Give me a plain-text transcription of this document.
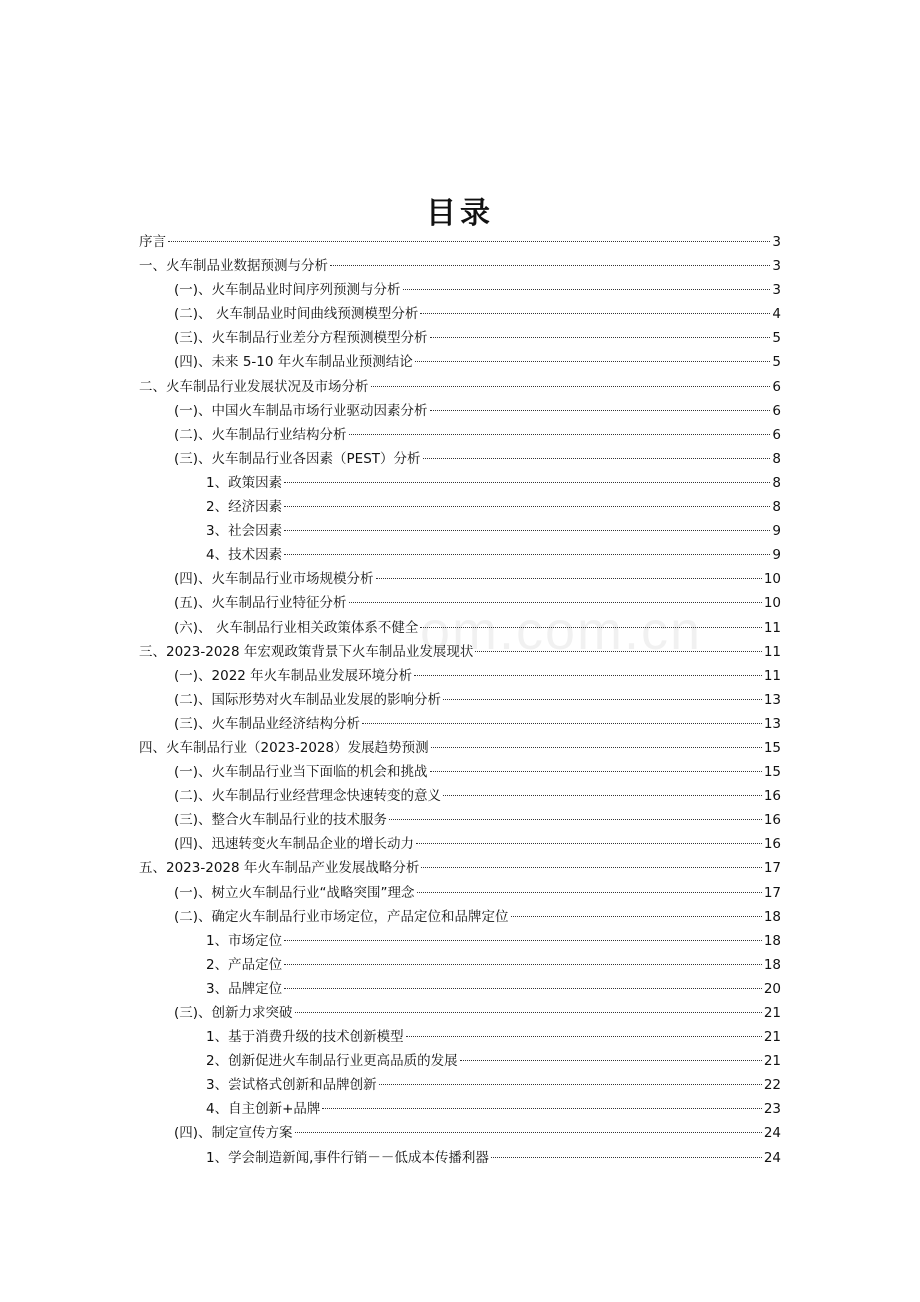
om.com.cn
目录
序言	3
一、火车制品业数据预测与分析	3
(一)、火车制品业时间序列预测与分析	3
(二)、 火车制品业时间曲线预测模型分析	4
(三)、火车制品行业差分方程预测模型分析	5
(四)、未来 5-10 年火车制品业预测结论	5
二、火车制品行业发展状况及市场分析	6
(一)、中国火车制品市场行业驱动因素分析	6
(二)、火车制品行业结构分析	6
(三)、火车制品行业各因素（PEST）分析	8
1、政策因素	8
2、经济因素	8
3、社会因素	9
4、技术因素	9
(四)、火车制品行业市场规模分析	10
(五)、火车制品行业特征分析	10
(六)、 火车制品行业相关政策体系不健全	11
三、2023-2028 年宏观政策背景下火车制品业发展现状	11
(一)、2022 年火车制品业发展环境分析	11
(二)、国际形势对火车制品业发展的影响分析	13
(三)、火车制品业经济结构分析	13
四、火车制品行业（2023-2028）发展趋势预测	15
(一)、火车制品行业当下面临的机会和挑战	15
(二)、火车制品行业经营理念快速转变的意义	16
(三)、整合火车制品行业的技术服务	16
(四)、迅速转变火车制品企业的增长动力	16
五、2023-2028 年火车制品产业发展战略分析	17
(一)、树立火车制品行业“战略突围”理念	17
(二)、确定火车制品行业市场定位，产品定位和品牌定位	18
1、市场定位	18
2、产品定位	18
3、品牌定位	20
(三)、创新力求突破	21
1、基于消费升级的技术创新模型	21
2、创新促进火车制品行业更高品质的发展	21
3、尝试格式创新和品牌创新	22
4、自主创新+品牌	23
(四)、制定宣传方案	24
1、学会制造新闻,事件行销－－低成本传播利器	24
